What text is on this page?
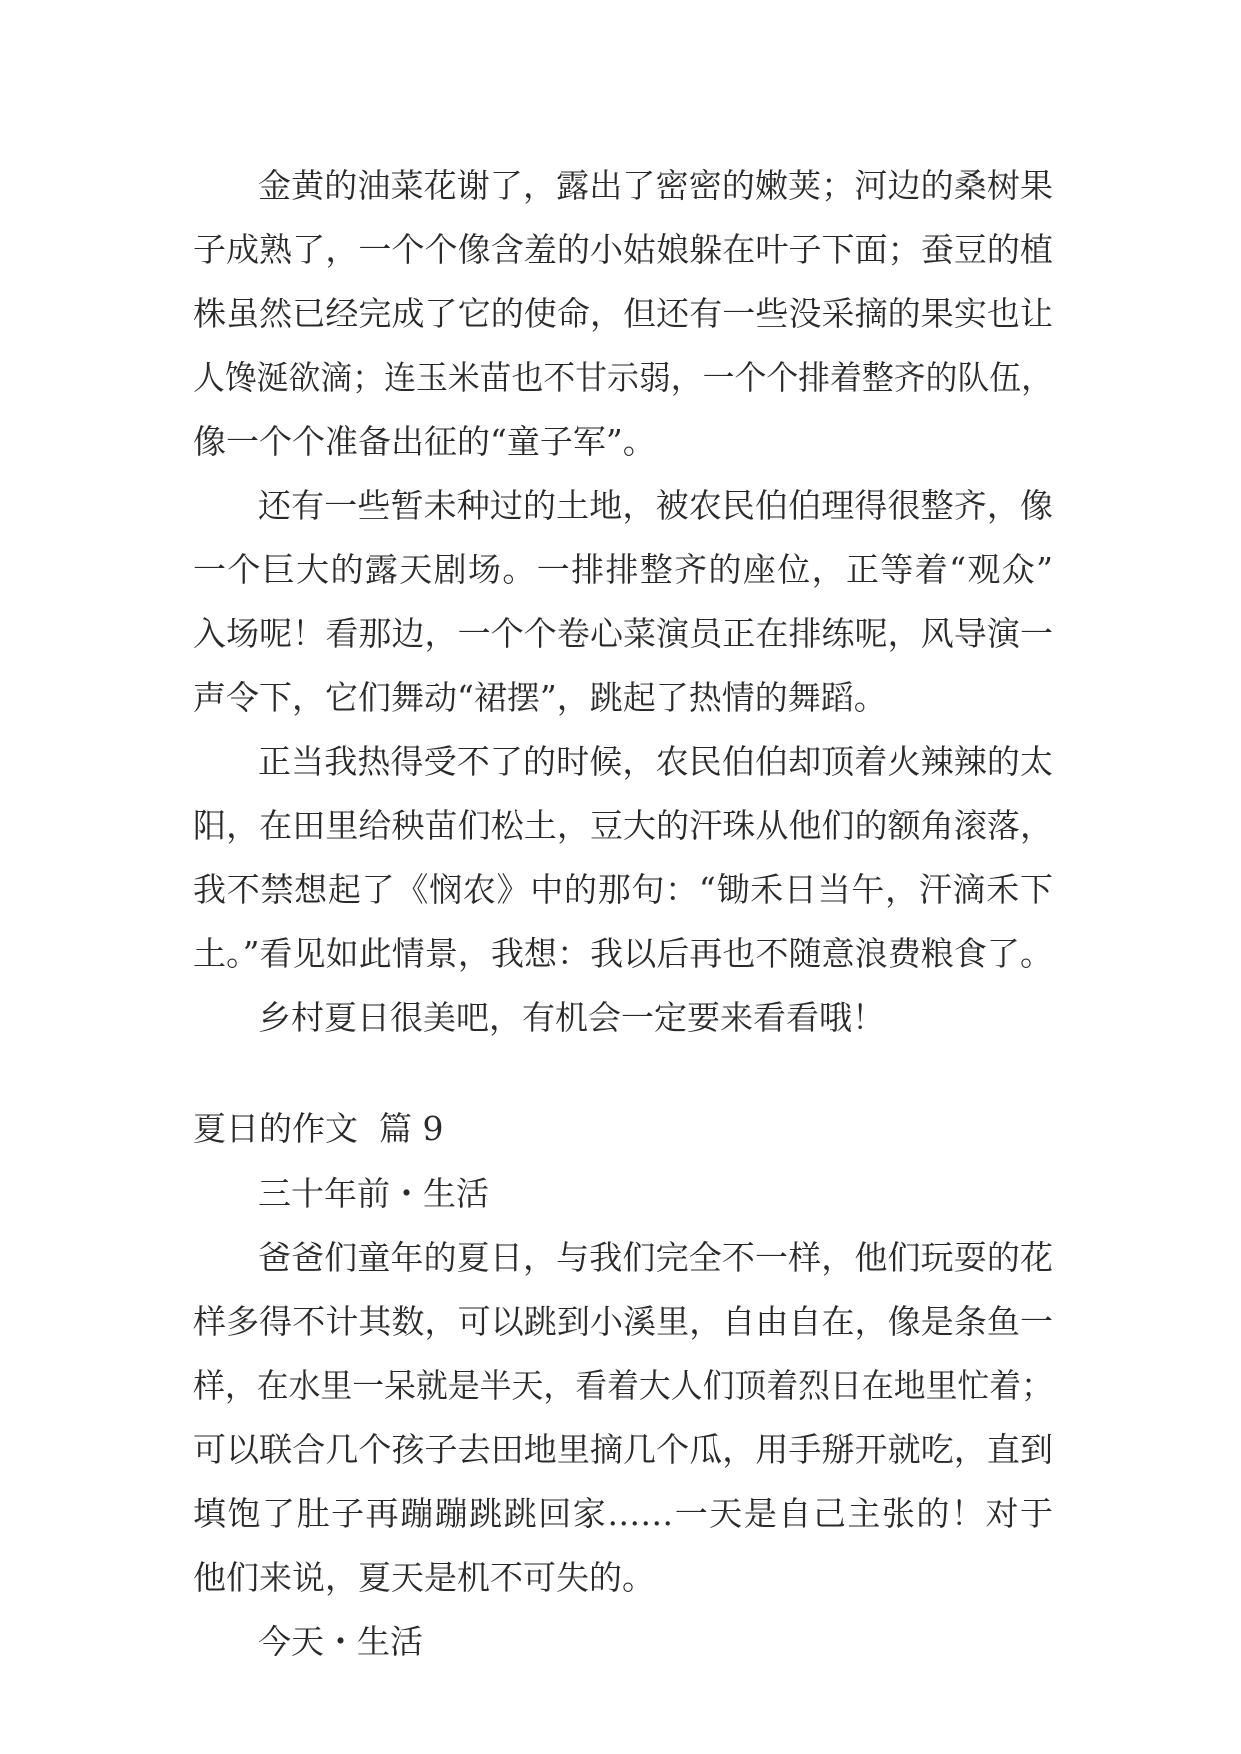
金黄的油菜花谢了，露出了密密的嫩荚；河边的桑树果
子成熟了，一个个像含羞的小姑娘躲在叶子下面；蚕豆的植
株虽然已经完成了它的使命，但还有一些没采摘的果实也让
人馋涎欲滴；连玉米苗也不甘示弱，一个个排着整齐的队伍，
像一个个准备出征的“童子军”。
还有一些暂未种过的土地，被农民伯伯理得很整齐，像
一个巨大的露天剧场。一排排整齐的座位，正等着“观众”
入场呢！看那边，一个个卷心菜演员正在排练呢，风导演一
声令下，它们舞动“裙摆”，跳起了热情的舞蹈。
正当我热得受不了的时候，农民伯伯却顶着火辣辣的太
阳，在田里给秧苗们松土，豆大的汗珠从他们的额角滚落，
我不禁想起了《悯农》中的那句：“锄禾日当午，汗滴禾下
土。”看见如此情景，我想：我以后再也不随意浪费粮食了。
乡村夏日很美吧，有机会一定要来看看哦！
夏日的作文  篇 9
三十年前・生活
爸爸们童年的夏日，与我们完全不一样，他们玩耍的花
样多得不计其数，可以跳到小溪里，自由自在，像是条鱼一
样，在水里一呆就是半天，看着大人们顶着烈日在地里忙着；
可以联合几个孩子去田地里摘几个瓜，用手掰开就吃，直到
填饱了肚子再蹦蹦跳跳回家……一天是自己主张的！对于
他们来说，夏天是机不可失的。
今天・生活
